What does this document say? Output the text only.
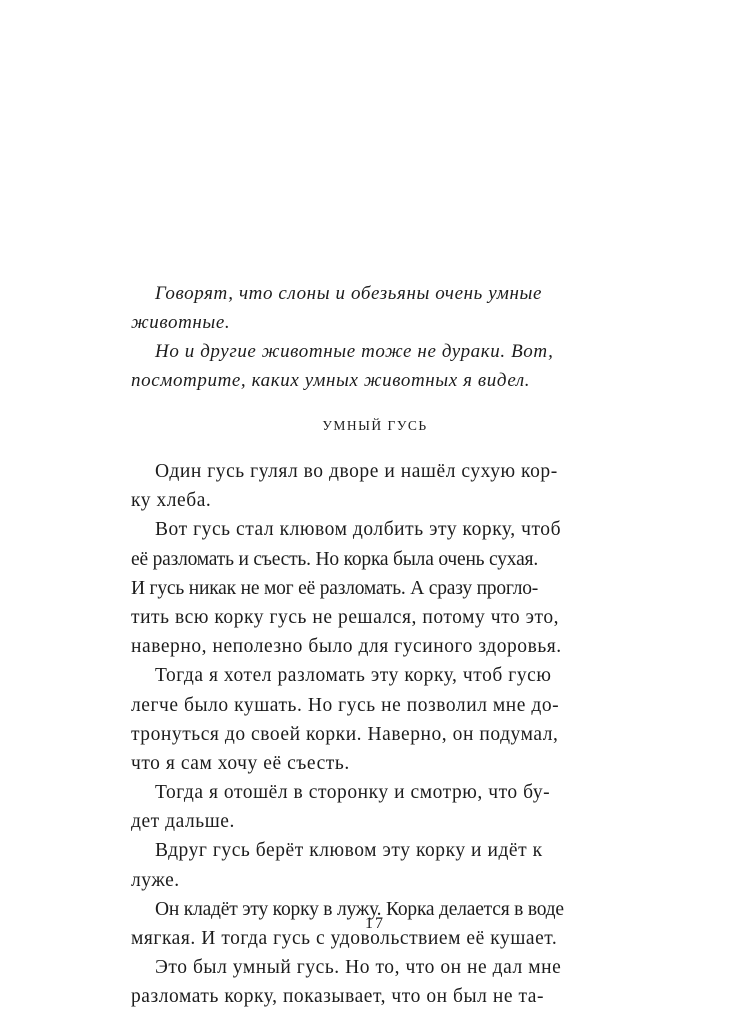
Говорят, что слоны и обезьяны очень умные
животные.
Но и другие животные тоже не дураки. Вот,
посмотрите, каких умных животных я видел.
УМНЫЙ ГУСЬ
Один гусь гулял во дворе и нашёл сухую кор-
ку хлеба.
Вот гусь стал клювом долбить эту корку, чтоб
её разломать и съесть. Но корка была очень сухая.
И гусь никак не мог её разломать. А сразу прогло-
тить всю корку гусь не решался, потому что это,
наверно, неполезно было для гусиного здоровья.
Тогда я хотел разломать эту корку, чтоб гусю
легче было кушать. Но гусь не позволил мне до-
тронуться до своей корки. Наверно, он подумал,
что я сам хочу её съесть.
Тогда я отошёл в сторонку и смотрю, что бу-
дет дальше.
Вдруг гусь берёт клювом эту корку и идёт к
луже.
Он кладёт эту корку в лужу. Корка делается в воде
мягкая. И тогда гусь с удовольствием её кушает.
Это был умный гусь. Но то, что он не дал мне
разломать корку, показывает, что он был не та-
17
